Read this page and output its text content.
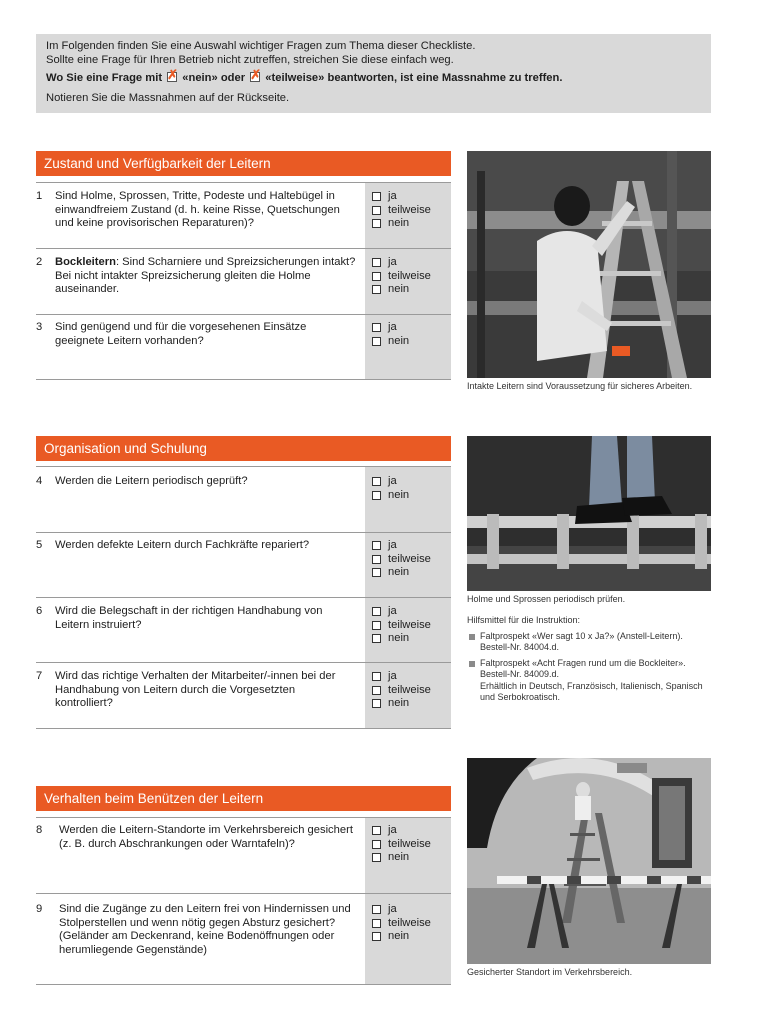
Im Folgenden finden Sie eine Auswahl wichtiger Fragen zum Thema dieser Checkliste.

Sollte eine Frage für Ihren Betrieb nicht zutreffen, streichen Sie diese einfach weg.

Wo Sie eine Frage mit ✗ «nein» oder ✗ «teilweise» beantworten, ist eine Massnahme zu treffen.

Notieren Sie die Massnahmen auf der Rückseite.

Zustand und Verfügbarkeit der Leitern
Organisation und Schulung
Verhalten beim Benützen der Leitern
1 Sind Holme, Sprossen, Tritte, Podeste und Haltebügel in einwandfreiem Zustand (d. h. keine Risse, Quetschungen und keine provisorischen Reparaturen)?
ja
teilweise
nein
2 Bockleitern: Sind Scharniere und Spreizsicherungen intakt? Bei nicht intakter Spreizsicherung gleiten die Holme auseinander.
ja
teilweise
nein
3 Sind genügend und für die vorgesehenen Einsätze geeignete Leitern vorhanden?
ja
nein
4 Werden die Leitern periodisch geprüft?	ja
nein
5 Werden defekte Leitern durch Fachkräfte repariert?	ja
teilweise
nein
6 Wird die Belegschaft in der richtigen Handhabung von Leitern instruiert?
ja
teilweise
nein
7 Wird das richtige Verhalten der Mitarbeiter/-innen bei der Handhabung von Leitern durch die Vorgesetzten kontrolliert?
ja
teilweise
nein
8 Werden die Leitern-Standorte im Verkehrsbereich gesichert (z. B. durch Abschrankungen oder Warntafeln)?
ja
teilweise
nein
9 Sind die Zugänge zu den Leitern frei von Hindernissen und Stolperstellen und wenn nötig gegen Absturz gesichert? (Geländer am Deckenrand, keine Bodenöffnungen oder herumliegende Gegenstände)
ja
teilweise
nein
Intakte Leitern sind Voraussetzung für sicheres Arbeiten.
Holme und Sprossen periodisch prüfen.
Hilfsmittel für die Instruktion:
Faltprospekt «Wer sagt 10 x Ja?» (Anstell-Leitern).
Bestell-Nr. 84004.d.
Faltprospekt «Acht Fragen rund um die Bockleiter».
Bestell-Nr. 84009.d.
Erhältlich in Deutsch, Französisch, Italienisch, Spanisch und Serbokroatisch.
Gesicherter Standort im Verkehrsbereich.
